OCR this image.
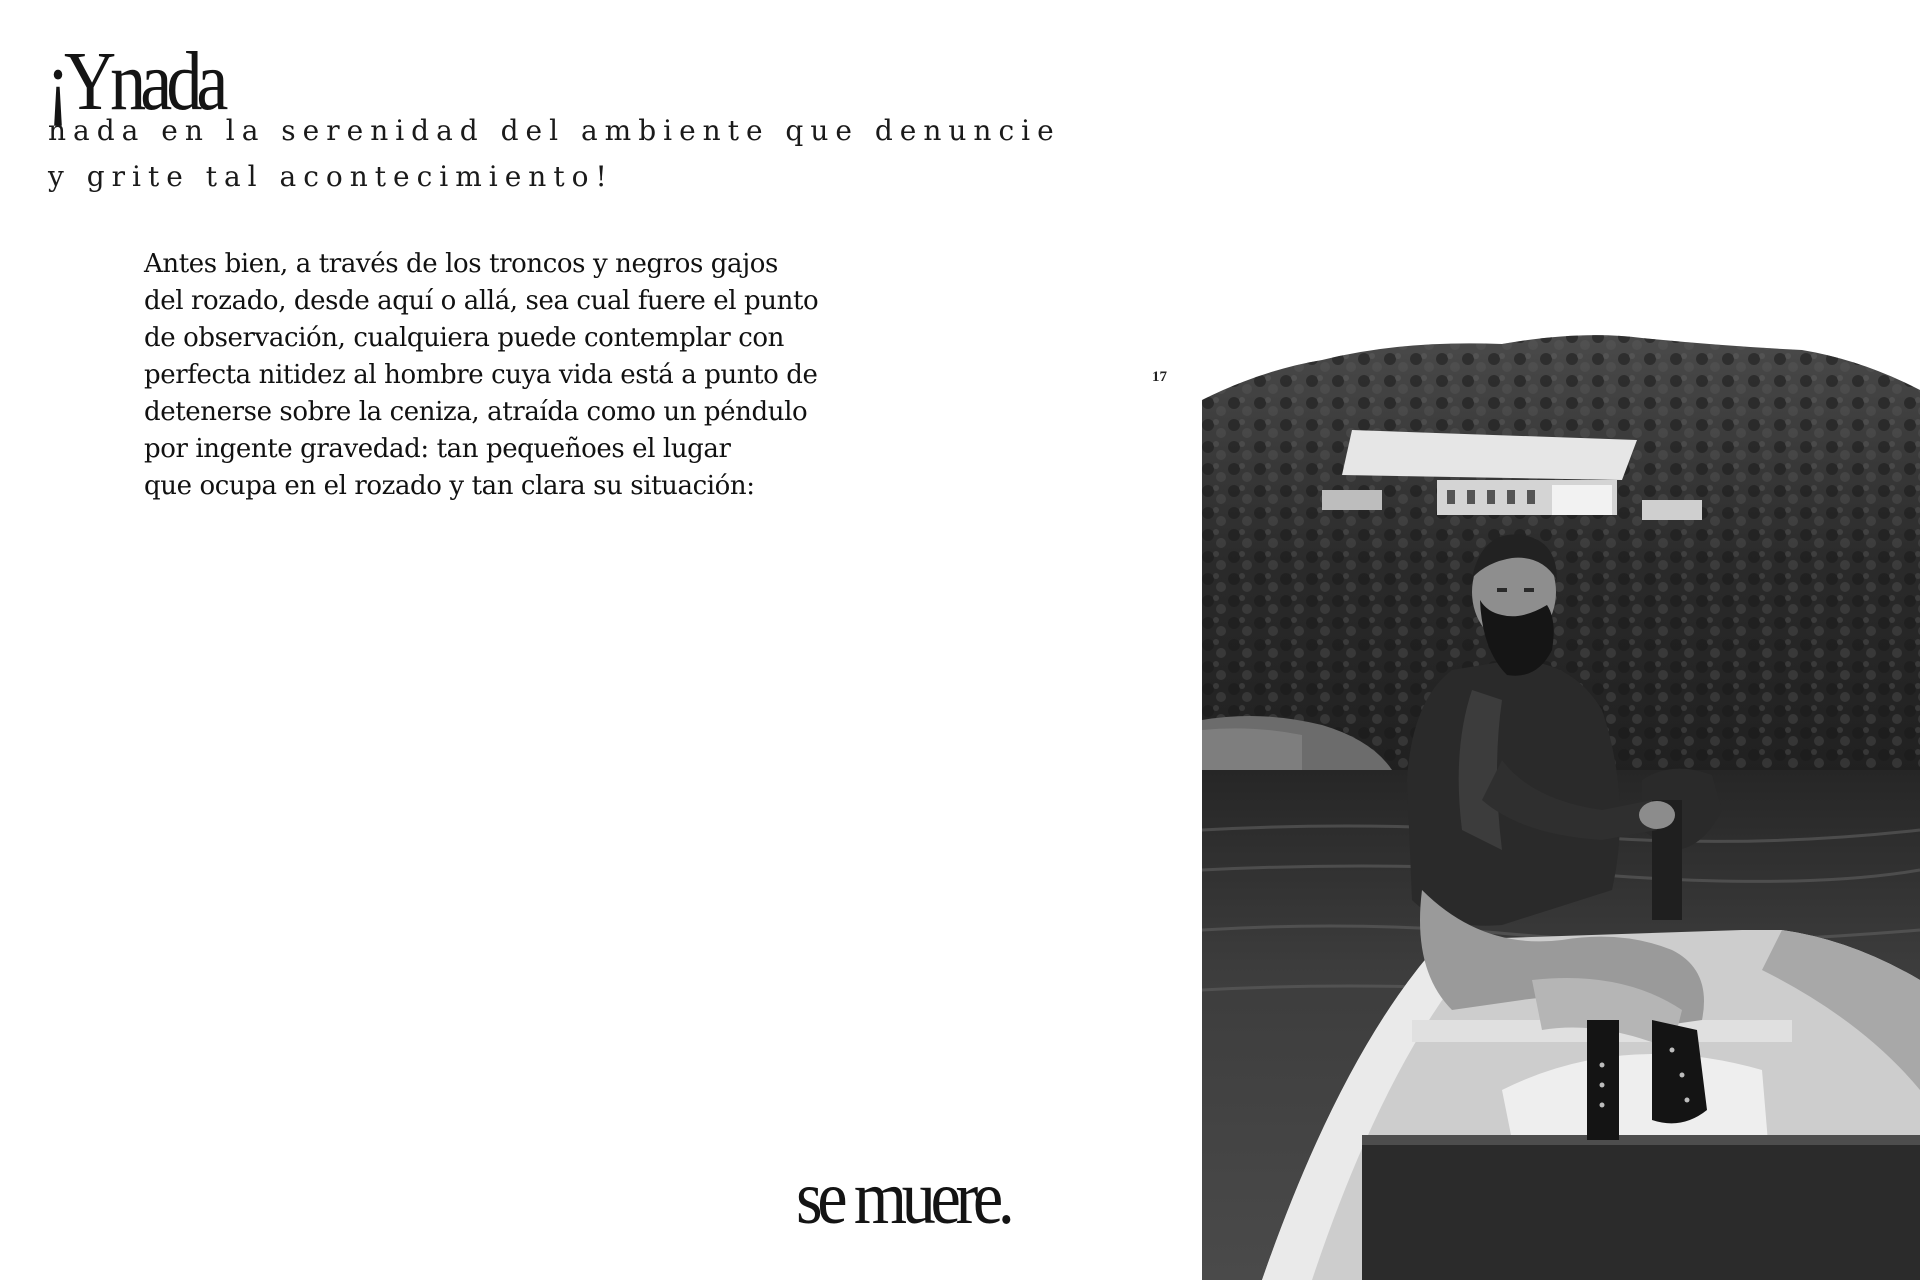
¡Ynada

nada en la serenidad del ambiente que denuncie
y grite tal acontecimiento!

Antes bien, a través de los troncos y negros gajos
del rozado, desde aquí o allá, sea cual fuere el punto
de observación, cualquiera puede contemplar con
perfecta nitidez al hombre cuya vida está a punto de
detenerse sobre la ceniza, atraída como un péndulo
por ingente gravedad: tan pequeñoes el lugar
que ocupa en el rozado y tan clara su situación:

se muere.

17
